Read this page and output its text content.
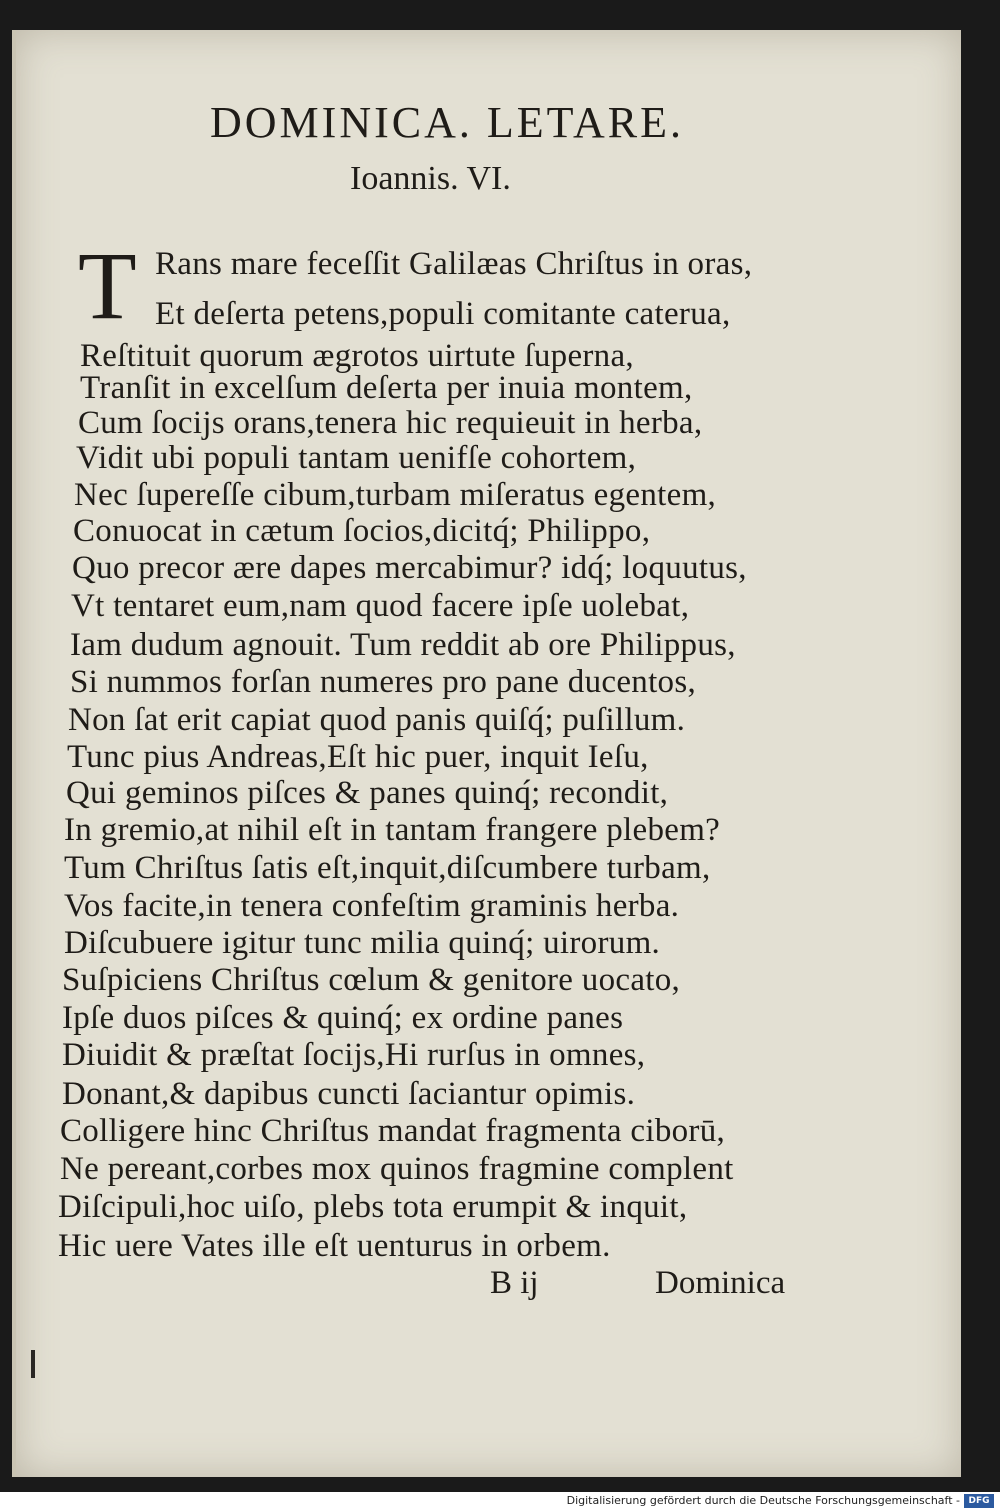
DOMINICA. LETARE.
Ioannis. VI.
T Rans mare feceſſit Galilæas Chriſtus in oras,
Et deſerta petens,populi comitante caterua,
Reſtituit quorum ægrotos uirtute ſuperna,
Tranſit in excelſum deſerta per inuia montem,
Cum ſocijs orans,tenera hic requieuit in herba,
Vidit ubi populi tantam uenifſe cohortem,
Nec ſupereſſe cibum,turbam miſeratus egentem,
Conuocat in cætum ſocios,dicitq́; Philippo,
Quo precor ære dapes mercabimur? idq́; loquutus,
Vt tentaret eum,nam quod facere ipſe uolebat,
Iam dudum agnouit. Tum reddit ab ore Philippus,
Si nummos forſan numeres pro pane ducentos,
Non ſat erit capiat quod panis quiſq́; puſillum.
Tunc pius Andreas,Eſt hic puer, inquit Ieſu,
Qui geminos piſces & panes quinq́; recondit,
In gremio,at nihil eſt in tantam frangere plebem?
Tum Chriſtus ſatis eſt,inquit,diſcumbere turbam,
Vos facite,in tenera confeſtim graminis herba.
Diſcubuere igitur tunc milia quinq́; uirorum.
Suſpiciens Chriſtus cœlum & genitore uocato,
Ipſe duos piſces & quinq́; ex ordine panes
Diuidit & præſtat ſocijs,Hi rurſus in omnes,
Donant,& dapibus cuncti ſaciantur opimis.
Colligere hinc Chriſtus mandat fragmenta ciborū,
Ne pereant,corbes mox quinos fragmine complent
Diſcipuli,hoc uiſo, plebs tota erumpit & inquit,
Hic uere Vates ille eſt uenturus in orbem.
B ij	Dominica
Digitalisierung gefördert durch die Deutsche Forschungsgemeinschaft - DFG
